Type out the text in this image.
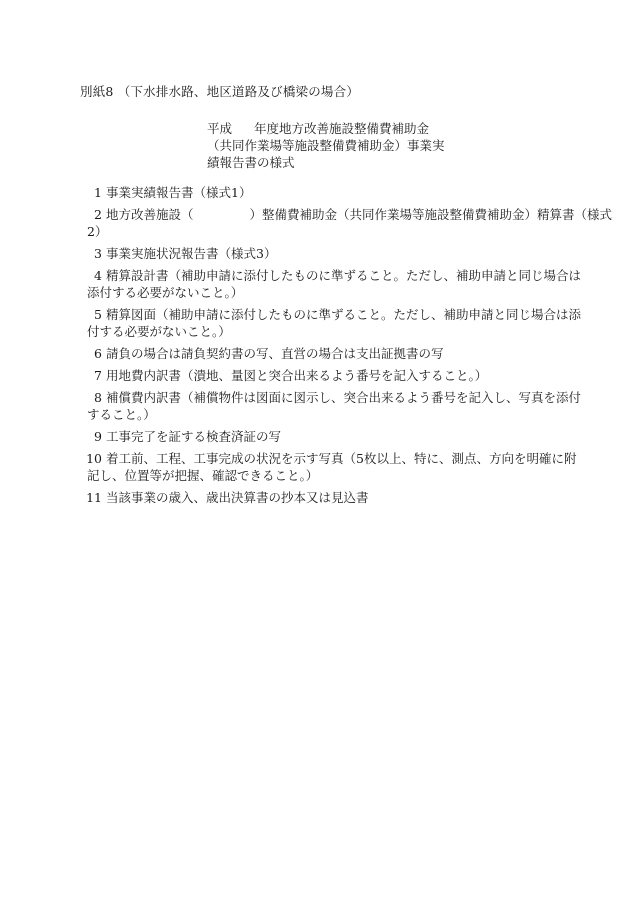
別紙8 （下水排水路、地区道路及び橋梁の場合）
平成 年度地方改善施設整備費補助金
（共同作業場等施設整備費補助金）事業実
績報告書の様式
1 事業実績報告書（様式1）
2 地方改善施設（	）整備費補助金（共同作業場等施設整備費補助金）精算書（様式
2）
3 事業実施状況報告書（様式3）
4 精算設計書（補助申請に添付したものに準ずること。ただし、補助申請と同じ場合は
添付する必要がないこと。）
5 精算図面（補助申請に添付したものに準ずること。ただし、補助申請と同じ場合は添
付する必要がないこと。）
6 請負の場合は請負契約書の写、直営の場合は支出証拠書の写
7 用地費内訳書（潰地、量図と突合出来るよう番号を記入すること。）
8 補償費内訳書（補償物件は図面に図示し、突合出来るよう番号を記入し、写真を添付
すること。）
9 工事完了を証する検査済証の写
10 着工前、工程、工事完成の状況を示す写真（5枚以上、特に、測点、方向を明確に附
記し、位置等が把握、確認できること。）
11 当該事業の歳入、歳出決算書の抄本又は見込書
